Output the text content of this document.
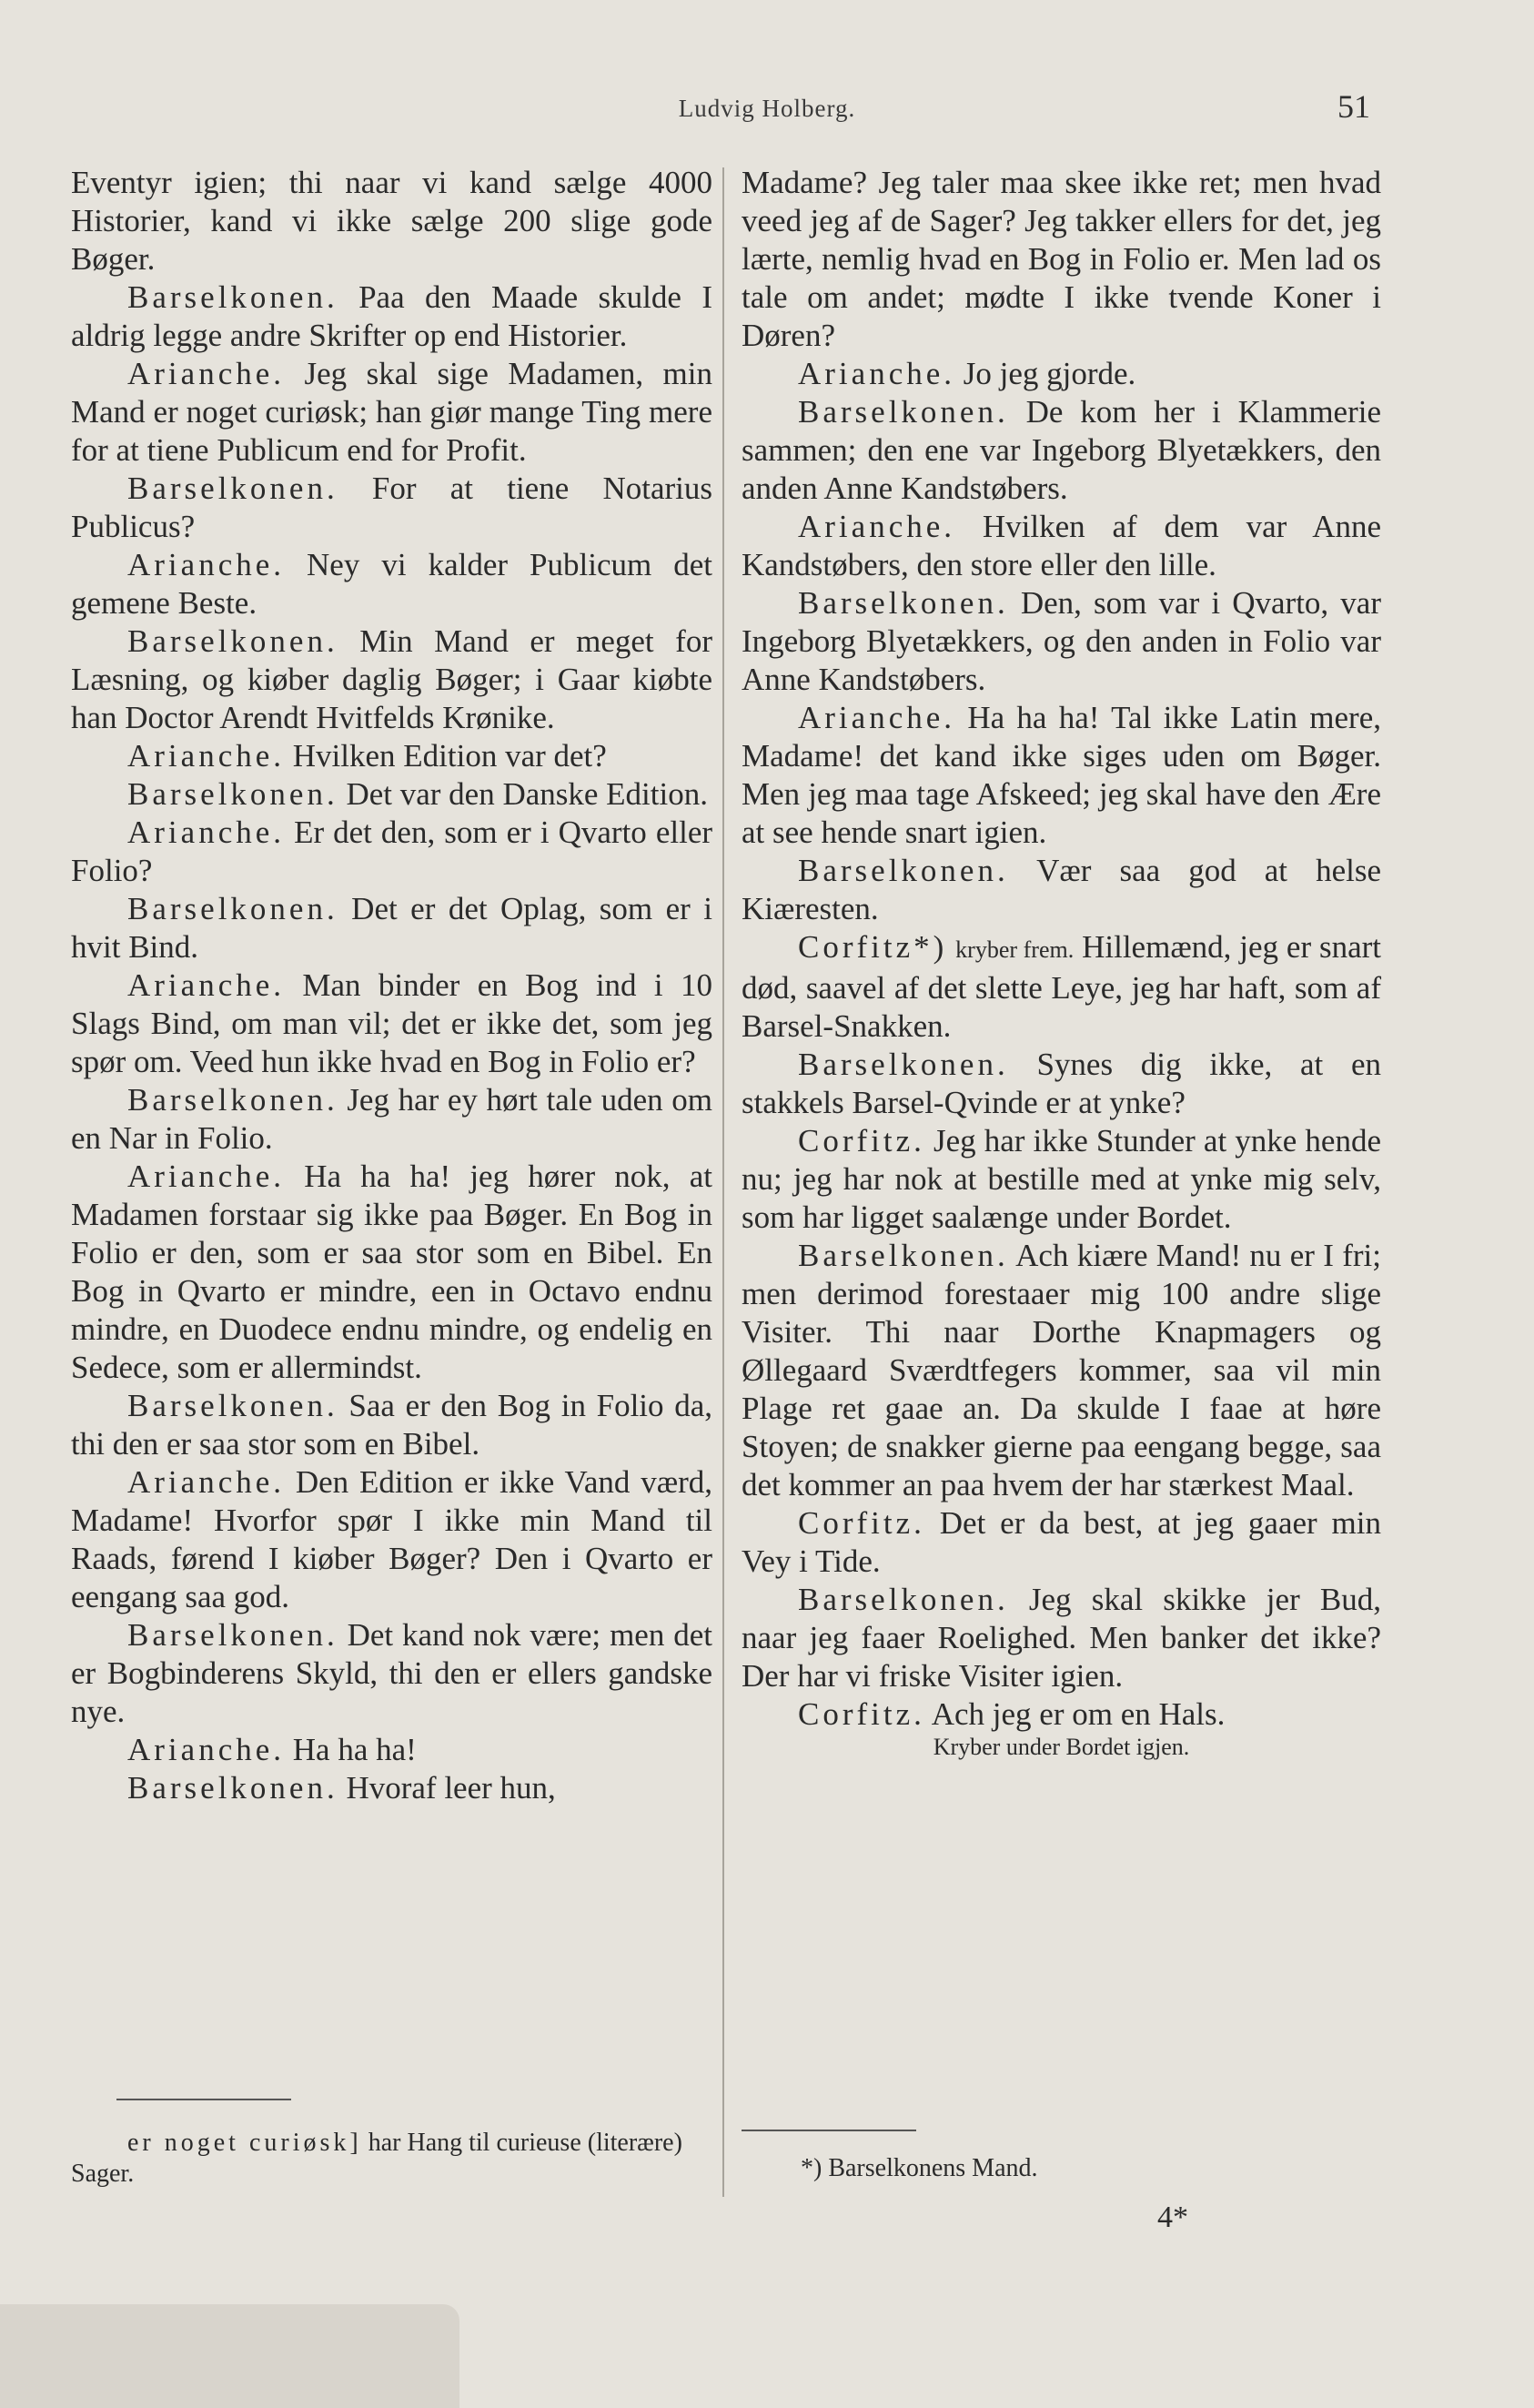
Ludvig Holberg.	51

Eventyr igien; thi naar vi kand sælge 4000 Historier, kand vi ikke sælge 200 slige gode Bøger.

Barselkonen. Paa den Maade skulde I aldrig legge andre Skrifter op end Historier.

Arianche. Jeg skal sige Madamen, min Mand er noget curiøsk; han giør mange Ting mere for at tiene Publicum end for Profit.

Barselkonen. For at tiene Notarius Publicus?

Arianche. Ney vi kalder Publicum det gemene Beste.

Barselkonen. Min Mand er meget for Læsning, og kiøber daglig Bøger; i Gaar kiøbte han Doctor Arendt Hvitfelds Krønike.

Arianche. Hvilken Edition var det?

Barselkonen. Det var den Danske Edition.

Arianche. Er det den, som er i Qvarto eller Folio?

Barselkonen. Det er det Oplag, som er i hvit Bind.

Arianche. Man binder en Bog ind i 10 Slags Bind, om man vil; det er ikke det, som jeg spør om. Veed hun ikke hvad en Bog in Folio er?

Barselkonen. Jeg har ey hørt tale uden om en Nar in Folio.

Arianche. Ha ha ha! jeg hører nok, at Madamen forstaar sig ikke paa Bøger. En Bog in Folio er den, som er saa stor som en Bibel. En Bog in Qvarto er mindre, een in Octavo endnu mindre, en Duodece endnu mindre, og endelig en Sedece, som er allermindst.

Barselkonen. Saa er den Bog in Folio da, thi den er saa stor som en Bibel.

Arianche. Den Edition er ikke Vand værd, Madame! Hvorfor spør I ikke min Mand til Raads, førend I kiøber Bøger? Den i Qvarto er eengang saa god.

Barselkonen. Det kand nok være; men det er Bogbinderens Skyld, thi den er ellers gandske nye.

Arianche. Ha ha ha!

Barselkonen. Hvoraf leer hun,

Madame? Jeg taler maa skee ikke ret; men hvad veed jeg af de Sager? Jeg takker ellers for det, jeg lærte, nemlig hvad en Bog in Folio er. Men lad os tale om andet; mødte I ikke tvende Koner i Døren?

Arianche. Jo jeg gjorde.

Barselkonen. De kom her i Klammerie sammen; den ene var Ingeborg Blyetækkers, den anden Anne Kandstøbers.

Arianche. Hvilken af dem var Anne Kandstøbers, den store eller den lille.

Barselkonen. Den, som var i Qvarto, var Ingeborg Blyetækkers, og den anden in Folio var Anne Kandstøbers.

Arianche. Ha ha ha! Tal ikke Latin mere, Madame! det kand ikke siges uden om Bøger. Men jeg maa tage Afskeed; jeg skal have den Ære at see hende snart igien.

Barselkonen. Vær saa god at helse Kiæresten.

Corfitz*) kryber frem. Hillemænd, jeg er snart død, saavel af det slette Leye, jeg har haft, som af Barsel-Snakken.

Barselkonen. Synes dig ikke, at en stakkels Barsel-Qvinde er at ynke?

Corfitz. Jeg har ikke Stunder at ynke hende nu; jeg har nok at bestille med at ynke mig selv, som har ligget saalænge under Bordet.

Barselkonen. Ach kiære Mand! nu er I fri; men derimod forestaaer mig 100 andre slige Visiter. Thi naar Dorthe Knapmagers og Øllegaard Sværdtfegers kommer, saa vil min Plage ret gaae an. Da skulde I faae at høre Stoyen; de snakker gierne paa eengang begge, saa det kommer an paa hvem der har stærkest Maal.

Corfitz. Det er da best, at jeg gaaer min Vey i Tide.

Barselkonen. Jeg skal skikke jer Bud, naar jeg faaer Roelighed. Men banker det ikke? Der har vi friske Visiter igien.

Corfitz. Ach jeg er om en Hals.

Kryber under Bordet igjen.

er noget curiøsk] har Hang til curieuse (literære) Sager.	*) Barselkonens Mand.
4*
